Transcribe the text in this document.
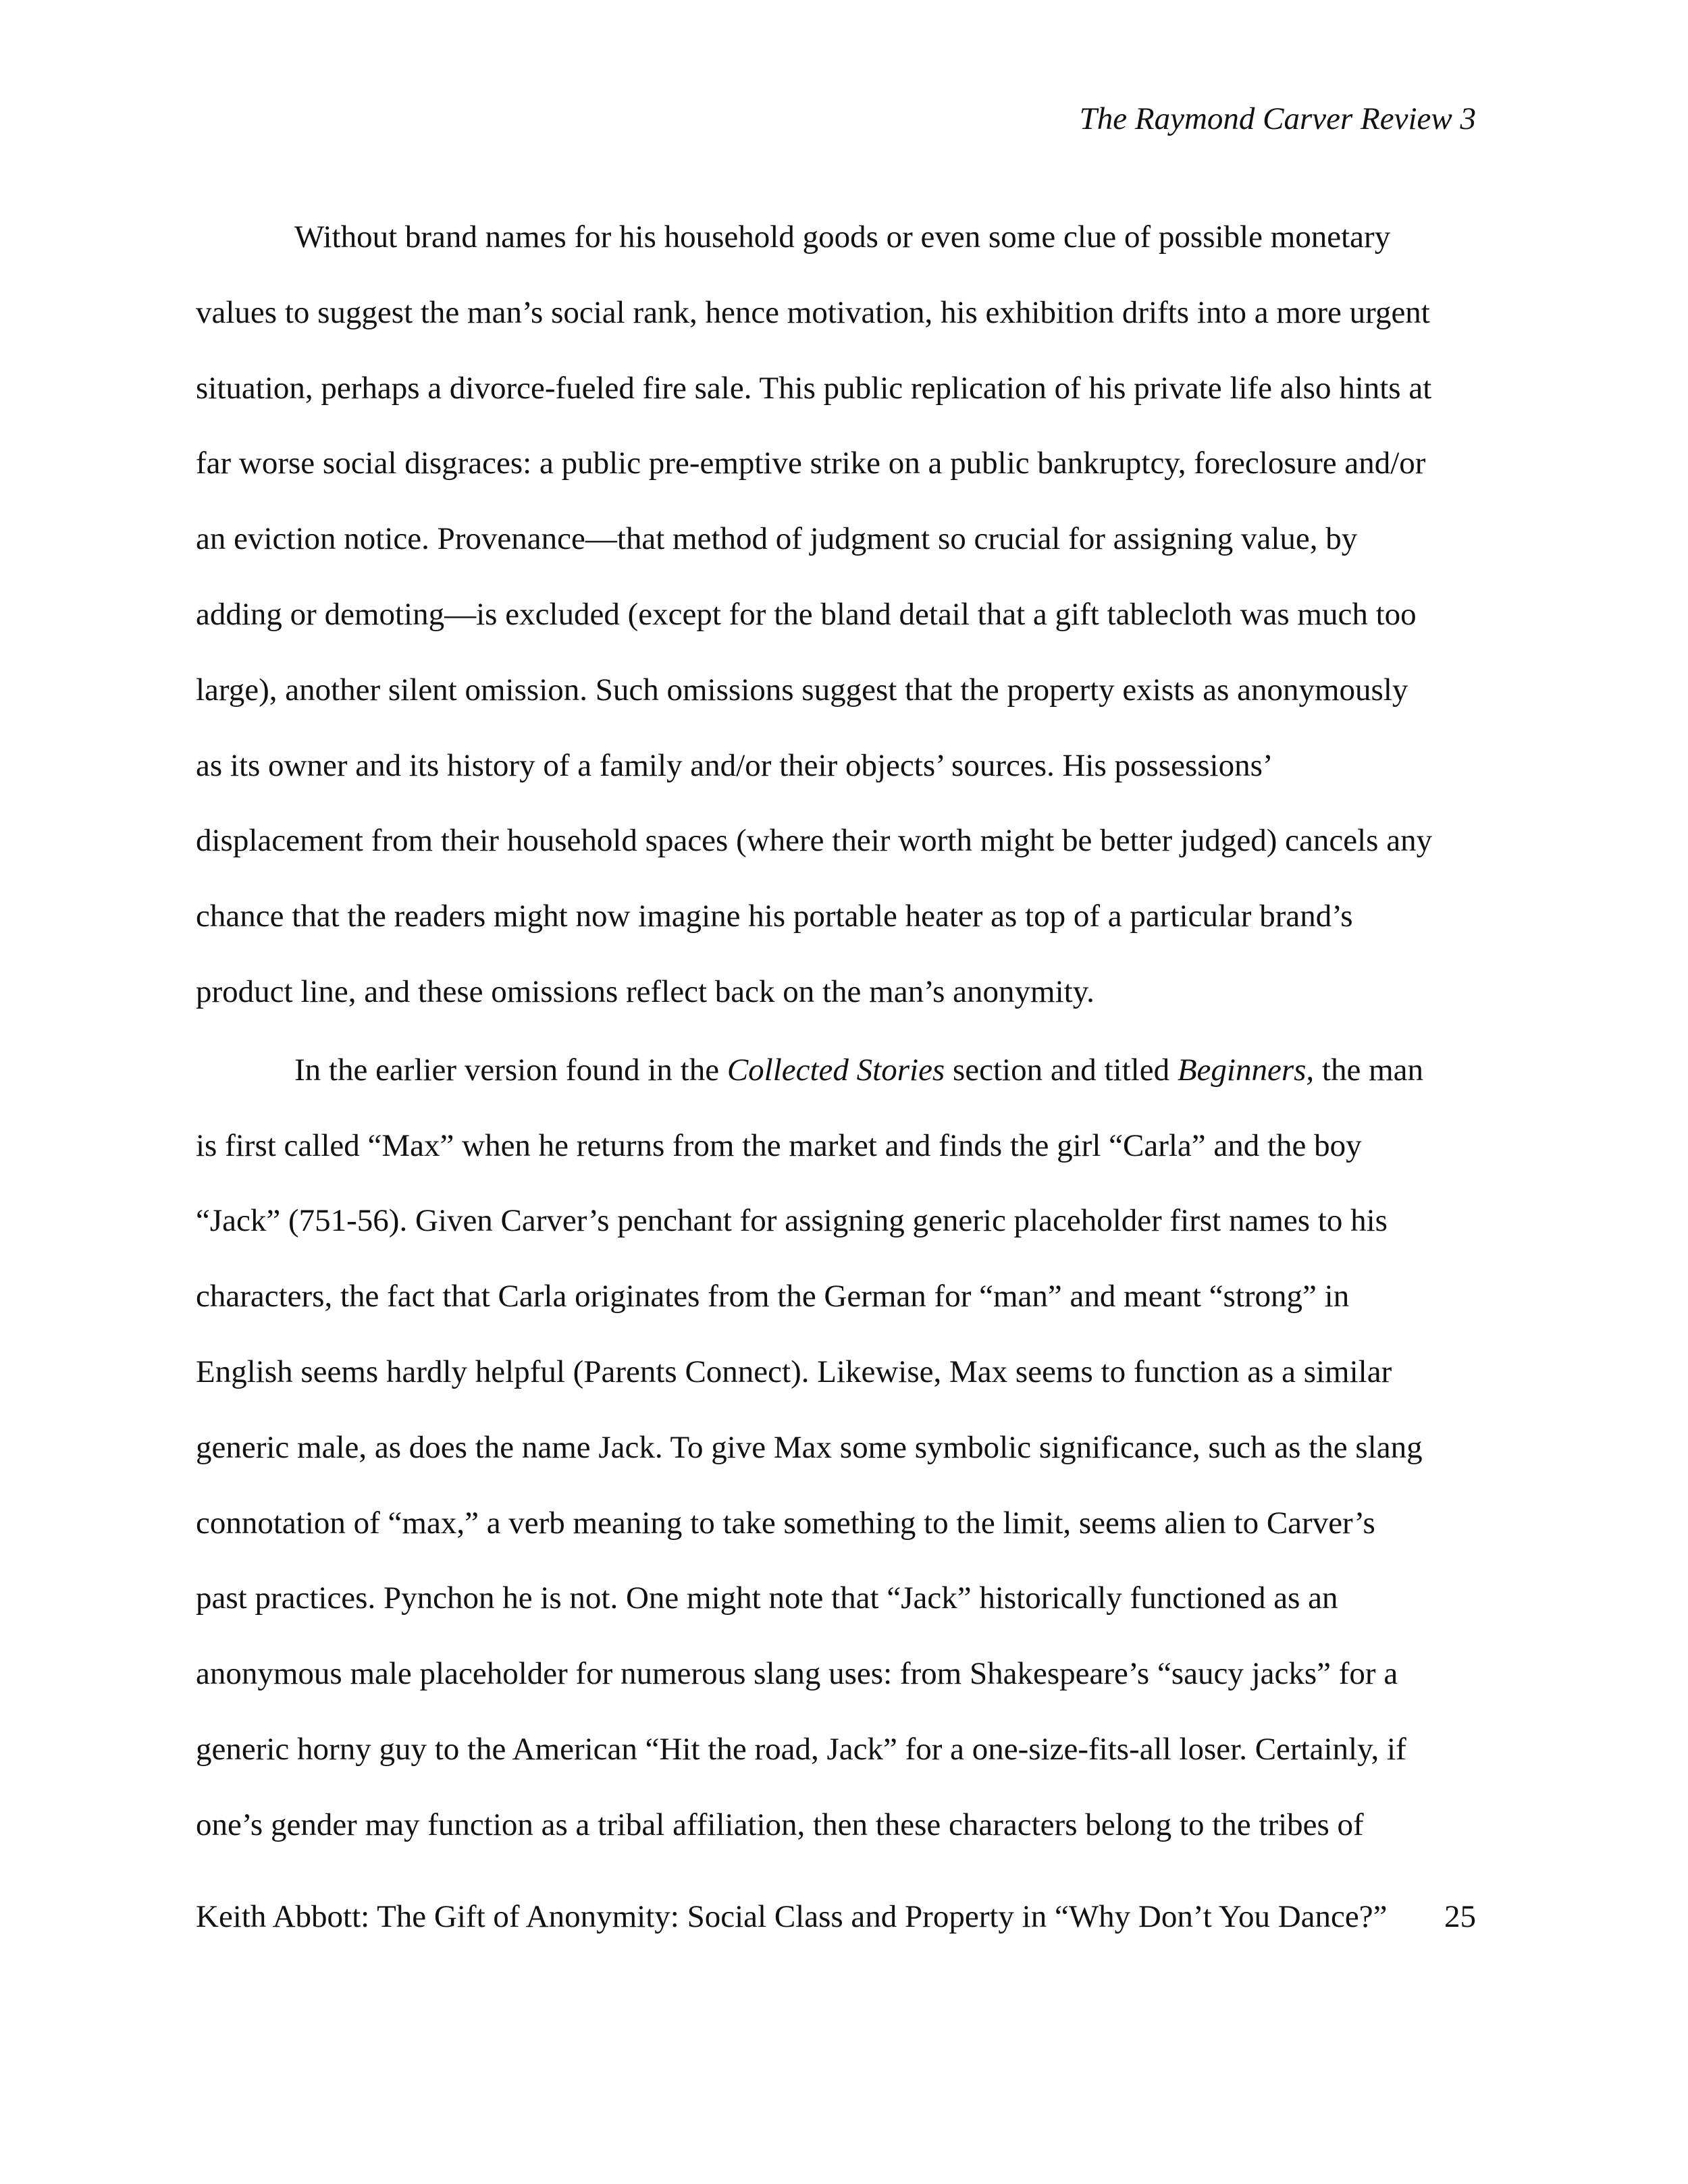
The Raymond Carver Review 3
Without brand names for his household goods or even some clue of possible monetary
values to suggest the man’s social rank, hence motivation, his exhibition drifts into a more urgent
situation, perhaps a divorce-fueled fire sale. This public replication of his private life also hints at
far worse social disgraces: a public pre-emptive strike on a public bankruptcy, foreclosure and/or
an eviction notice. Provenance—that method of judgment so crucial for assigning value, by
adding or demoting—is excluded (except for the bland detail that a gift tablecloth was much too
large), another silent omission. Such omissions suggest that the property exists as anonymously
as its owner and its history of a family and/or their objects’ sources. His possessions’
displacement from their household spaces (where their worth might be better judged) cancels any
chance that the readers might now imagine his portable heater as top of a particular brand’s
product line, and these omissions reflect back on the man’s anonymity.
In the earlier version found in the Collected Stories section and titled Beginners, the man
is first called “Max” when he returns from the market and finds the girl “Carla” and the boy
“Jack” (751-56). Given Carver’s penchant for assigning generic placeholder first names to his
characters, the fact that Carla originates from the German for “man” and meant “strong” in
English seems hardly helpful (Parents Connect). Likewise, Max seems to function as a similar
generic male, as does the name Jack. To give Max some symbolic significance, such as the slang
connotation of “max,” a verb meaning to take something to the limit, seems alien to Carver’s
past practices. Pynchon he is not. One might note that “Jack” historically functioned as an
anonymous male placeholder for numerous slang uses: from Shakespeare’s “saucy jacks” for a
generic horny guy to the American “Hit the road, Jack” for a one-size-fits-all loser. Certainly, if
one’s gender may function as a tribal affiliation, then these characters belong to the tribes of
Keith Abbott: The Gift of Anonymity: Social Class and Property in “Why Don’t You Dance?” 25
